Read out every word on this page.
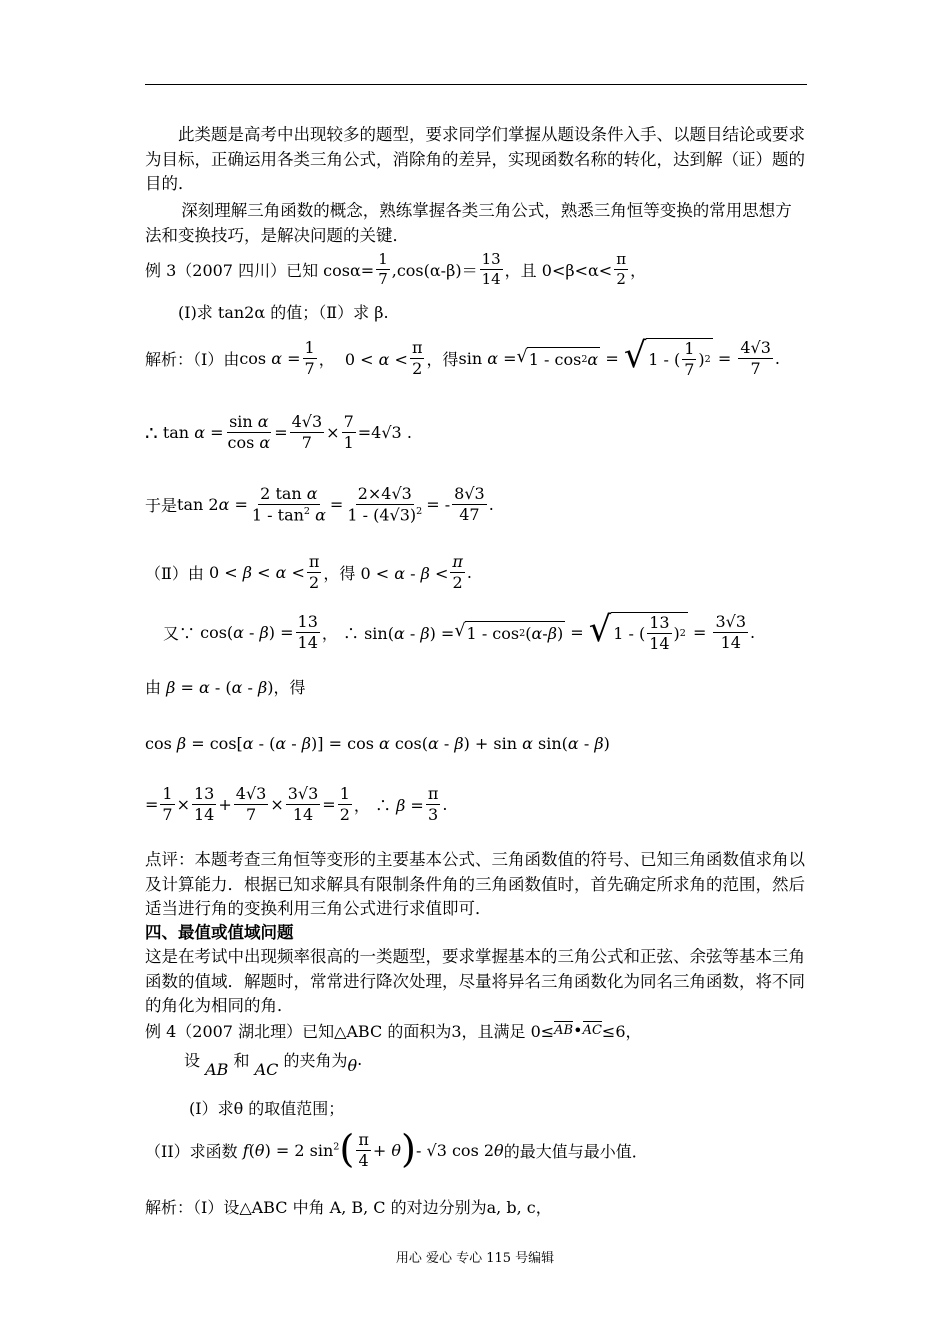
此类题是高考中出现较多的题型，要求同学们掌握从题设条件入手、以题目结论或要求为目标，正确运用各类三角公式，消除角的差异，实现函数名称的转化，达到解（证）题的目的．
深刻理解三角函数的概念，熟练掌握各类三角公式，熟悉三角恒等变换的常用思想方法和变换技巧，是解决问题的关键．
例 3（2007 四川）已知 $\cos\alpha= \frac{1}{7} ,\cos(\alpha-\beta)= \frac{13}{14}$ ，且 $0<\beta<\alpha< \frac{\pi}{2}$ ，
(Ⅰ)求 tan2α 的值；（Ⅱ）求 β.
解析：（Ⅰ）由 $\cos \alpha = \frac{1}{7}$ ，  $0 < \alpha < \frac{\pi}{2}$ ，得 sin α = √ 1 - cos 2 α = √ 1 - ( $\frac{1}{7}$ ) $2 = \frac{4√3}{7}$ .
∴ $\tan \alpha = \frac{\text{sin α}}{\text{cos α}} = \frac{4√3}{7} \times \frac{7}{1} =4√3$ .
于是 $\tan 2\alpha = \frac{\text{2 tan α}}{1 - \tan^2 \alpha} = \frac{2\times 4√3}{1 - (4√3)^2}$ = - $\frac{8√3}{47}$ .
（Ⅱ）由 $0 < \beta < \alpha < \frac{\pi}{2}$ ，得 $0 < \alpha - \beta < \frac{\pi}{2}$ .
又∵ $\cos(\alpha - \beta) = \frac{13}{14}$ ， ∴ sin(α - β) = √ 1 - cos 2 ( α - β ) = √ 1 - ( $\frac{13}{14}$ ) $2 = \frac{3√3}{14}$ .
由 β = α - (α - β)，得
cos β = cos[α - (α - β)] = cos α cos(α - β) + sin α sin(α - β)
= $\frac{1}{7} \times \frac{13}{14} + \frac{4√3}{7} \times \frac{3√3}{14} = \frac{1}{2}$ ， ∴ $\beta = \frac{\pi}{3}$ .
点评：本题考查三角恒等变形的主要基本公式、三角函数值的符号、已知三角函数值求角以及计算能力．根据已知求解具有限制条件角的三角函数值时，首先确定所求角的范围，然后适当进行角的变换利用三角公式进行求值即可．
四、最值或值域问题
这是在考试中出现频率很高的一类题型，要求掌握基本的三角公式和正弦、余弦等基本三角函数的值域．解题时，常常进行降次处理，尽量将异名三角函数化为同名三角函数，将不同的角化为相同的角．
例 4（2007 湖北理）已知△ABC 的面积为3，且满足 0≤ AB • AC ≤6，
设 AB 和 AC 的夹角为 θ .
(I）求θ 的取值范围；
（II）求函数 f(θ) = 2 $\sin^2$ ( $\frac{\pi}{4} + \theta$ ) - √3 cos 2θ 的最大值与最小值．
解析：（Ⅰ）设△ABC 中角 A, B, C 的对边分别为a, b, c，
用心 爱心 专心 115 号编辑
